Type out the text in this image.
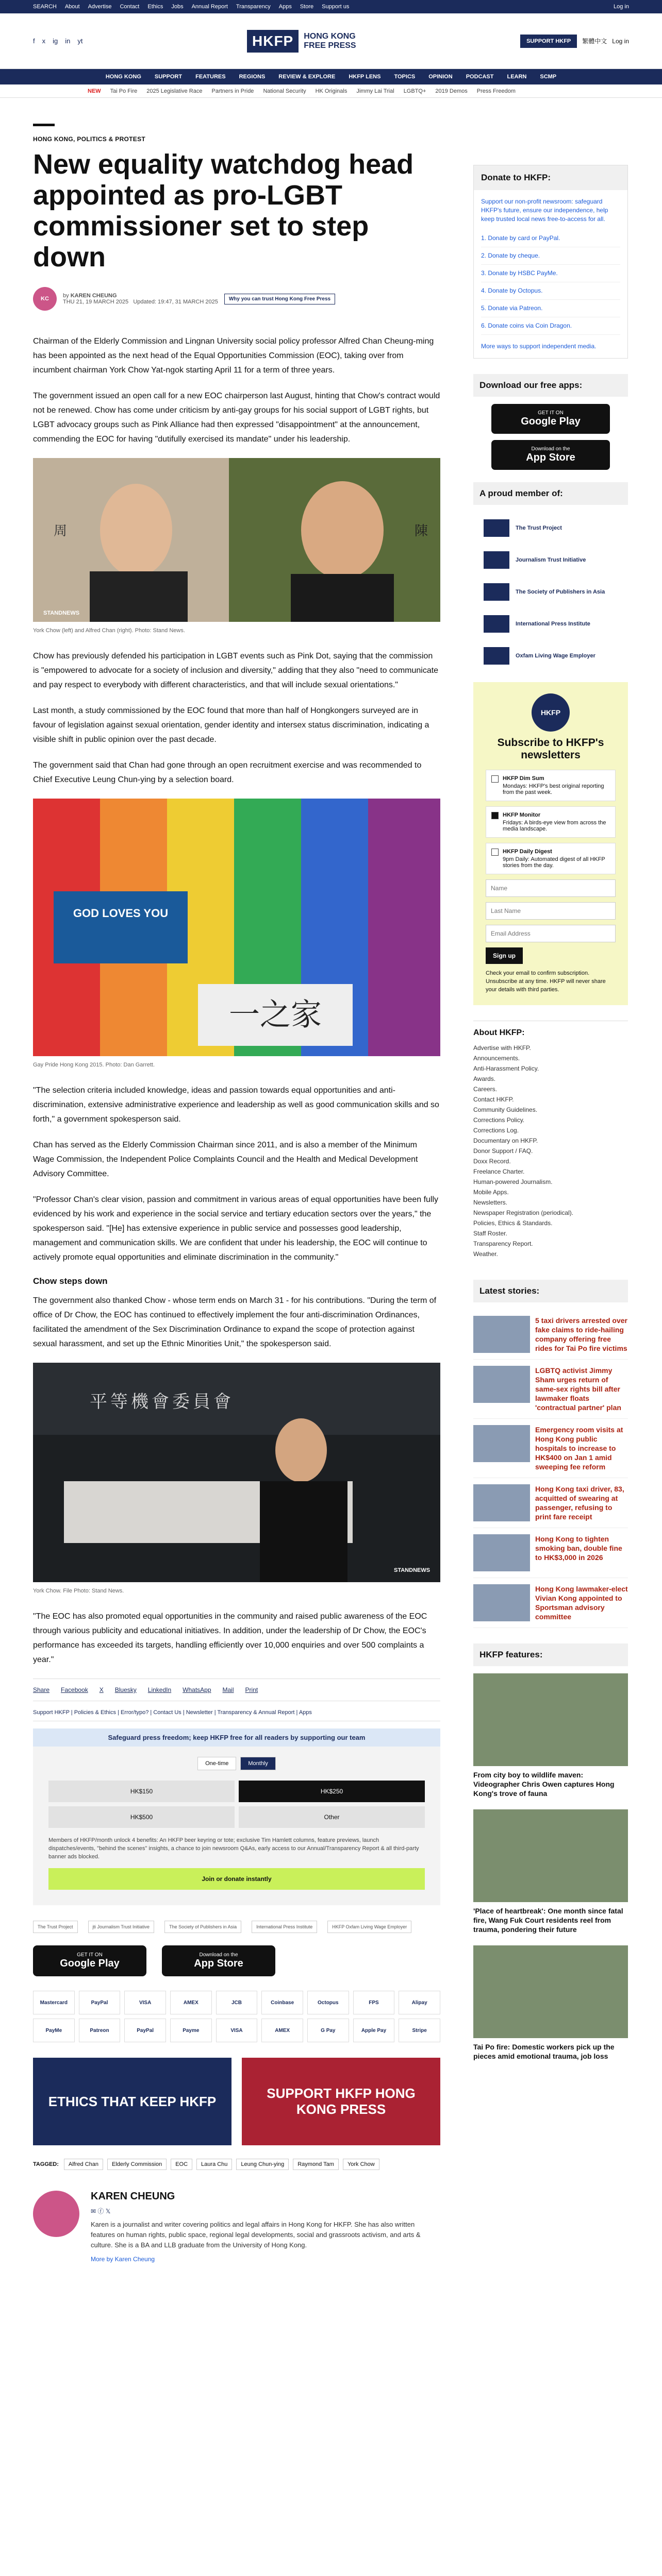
SEARCH About Advertise Contact Ethics Jobs Annual Report Transparency Apps Store Support us	Log in
f x ig in yt	HKFP	HONG KONG
FREE PRESS	SUPPORT HKFP	繁體中文 Log in
HONG KONG SUPPORT FEATURES REGIONS REVIEW & EXPLORE HKFP LENS TOPICS OPINION PODCAST LEARN SCMP
NEW Tai Po Fire 2025 Legislative Race Partners in Pride National Security HK Originals Jimmy Lai Trial LGBTQ+ 2019 Demos Press Freedom
HONG KONG, POLITICS & PROTEST
New equality watchdog head appointed as pro-LGBT commissioner set to step down
KC	by KAREN CHEUNG
THU 21, 19 MARCH 2025 Updated: 19:47, 31 MARCH 2025	Why you can trust Hong Kong Free Press

Chairman of the Elderly Commission and Lingnan University social policy professor Alfred Chan Cheung-ming has been appointed as the next head of the Equal Opportunities Commission (EOC), taking over from incumbent chairman York Chow Yat-ngok starting April 11 for a term of three years.

The government issued an open call for a new EOC chairperson last August, hinting that Chow's contract would not be renewed. Chow has come under criticism by anti-gay groups for his social support of LGBT rights, but LGBT advocacy groups such as Pink Alliance had then expressed "disappointment" at the announcement, commending the EOC for having "dutifully exercised its mandate" under his leadership.

周	陳
STANDNEWS
York Chow (left) and Alfred Chan (right). Photo: Stand News.

Chow has previously defended his participation in LGBT events such as Pink Dot, saying that the commission is "empowered to advocate for a society of inclusion and diversity," adding that they also "need to communicate and pay respect to everybody with different characteristics, and that will include sexual orientations."

Last month, a study commissioned by the EOC found that more than half of Hongkongers surveyed are in favour of legislation against sexual orientation, gender identity and intersex status discrimination, indicating a visible shift in public opinion over the past decade.

The government said that Chan had gone through an open recruitment exercise and was recommended to Chief Executive Leung Chun-ying by a selection board.

一之家
GOD LOVES YOU
Gay Pride Hong Kong 2015. Photo: Dan Garrett.

"The selection criteria included knowledge, ideas and passion towards equal opportunities and anti-discrimination, extensive administrative experience and leadership as well as good communication skills and so forth," a government spokesperson said.

Chan has served as the Elderly Commission Chairman since 2011, and is also a member of the Minimum Wage Commission, the Independent Police Complaints Council and the Health and Medical Development Advisory Committee.

"Professor Chan's clear vision, passion and commitment in various areas of equal opportunities have been fully evidenced by his work and experience in the social service and tertiary education sectors over the years," the spokesperson said. "[He] has extensive experience in public service and possesses good leadership, management and communication skills. We are confident that under his leadership, the EOC will continue to actively promote equal opportunities and eliminate discrimination in the community."

Chow steps down

The government also thanked Chow - whose term ends on March 31 - for his contributions. "During the term of office of Dr Chow, the EOC has continued to effectively implement the four anti-discrimination Ordinances, facilitated the amendment of the Sex Discrimination Ordinance to expand the scope of protection against sexual harassment, and set up the Ethnic Minorities Unit," the spokesperson said.

平等機會委員會
STANDNEWS
York Chow. File Photo: Stand News.

"The EOC has also promoted equal opportunities in the community and raised public awareness of the EOC through various publicity and educational initiatives. In addition, under the leadership of Dr Chow, the EOC's performance has exceeded its targets, handling efficiently over 10,000 enquiries and over 500 complaints a year."

Share Facebook X Bluesky LinkedIn WhatsApp Mail Print
Support HKFP | Policies & Ethics | Error/typo? | Contact Us | Newsletter | Transparency & Annual Report | Apps
Safeguard press freedom; keep HKFP free for all readers by supporting our team
One-time	Monthly
HK$150	HK$250
HK$500	Other
Members of HKFP/month unlock 4 benefits: An HKFP beer keyring or tote; exclusive Tim Hamlett columns, feature previews, launch dispatches/events, "behind the scenes" insights, a chance to join newsroom Q&As, early access to our Annual/Transparency Report & all third-party banner ads blocked.
Join or donate instantly
The Trust Project	jti Journalism Trust Initiative	The Society of Publishers in Asia	International Press Institute	HKFP Oxfam Living Wage Employer
GET IT ON
Google Play
Download on the
App Store
Mastercard	PayPal	VISA	AMEX	JCB	Coinbase	Octopus	FPS	Alipay
PayMe	Patreon	PayPal	Payme	VISA	AMEX	G Pay	Apple Pay	Stripe
ETHICS THAT KEEP HKFP
SUPPORT HKFP HONG KONG PRESS
TAGGED:	Alfred Chan	Elderly Commission	EOC	Laura Chu	Leung Chun-ying	Raymond Tam	York Chow
KAREN CHEUNG
✉ ⓕ 𝕏

Karen is a journalist and writer covering politics and legal affairs in Hong Kong for HKFP. She has also written features on human rights, public space, regional legal developments, social and grassroots activism, and arts & culture. She is a BA and LLB graduate from the University of Hong Kong.

More by Karen Cheung
Donate to HKFP:
Support our non-profit newsroom: safeguard HKFP's future, ensure our independence, help keep trusted local news free-to-access for all.
1. Donate by card or PayPal.
2. Donate by cheque.
3. Donate by HSBC PayMe.
4. Donate by Octopus.
5. Donate via Patreon.
6. Donate coins via Coin Dragon.
More ways to support independent media.
Download our free apps:
GET IT ON
Google Play
Download on the
App Store
A proud member of:
The Trust Project
Journalism Trust Initiative
The Society of Publishers in Asia
International Press Institute
Oxfam Living Wage Employer
HKFP
Subscribe to HKFP's newsletters
HKFP Dim Sum
Mondays: HKFP's best original reporting from the past week.
HKFP Monitor
Fridays: A birds-eye view from across the media landscape.
HKFP Daily Digest
9pm Daily: Automated digest of all HKFP stories from the day.
Name Last Name Email Address Sign up
Check your email to confirm subscription. Unsubscribe at any time. HKFP will never share your details with third parties.
About HKFP:
Advertise with HKFP.
Announcements.
Anti-Harassment Policy.
Awards.
Careers.
Contact HKFP.
Community Guidelines.
Corrections Policy.
Corrections Log.
Documentary on HKFP.
Donor Support / FAQ.
Doxx Record.
Freelance Charter.
Human-powered Journalism.
Mobile Apps.
Newsletters.
Newspaper Registration (periodical).
Policies, Ethics & Standards.
Staff Roster.
Transparency Report.
Weather.
Latest stories:
5 taxi drivers arrested over fake claims to ride-hailing company offering free rides for Tai Po fire victims
LGBTQ activist Jimmy Sham urges return of same-sex rights bill after lawmaker floats 'contractual partner' plan
Emergency room visits at Hong Kong public hospitals to increase to HK$400 on Jan 1 amid sweeping fee reform
Hong Kong taxi driver, 83, acquitted of swearing at passenger, refusing to print fare receipt
Hong Kong to tighten smoking ban, double fine to HK$3,000 in 2026
Hong Kong lawmaker-elect Vivian Kong appointed to Sportsman advisory committee
HKFP features:

From city boy to wildlife maven: Videographer Chris Owen captures Hong Kong's trove of fauna

'Place of heartbreak': One month since fatal fire, Wang Fuk Court residents reel from trauma, pondering their future

Tai Po fire: Domestic workers pick up the pieces amid emotional trauma, job loss
